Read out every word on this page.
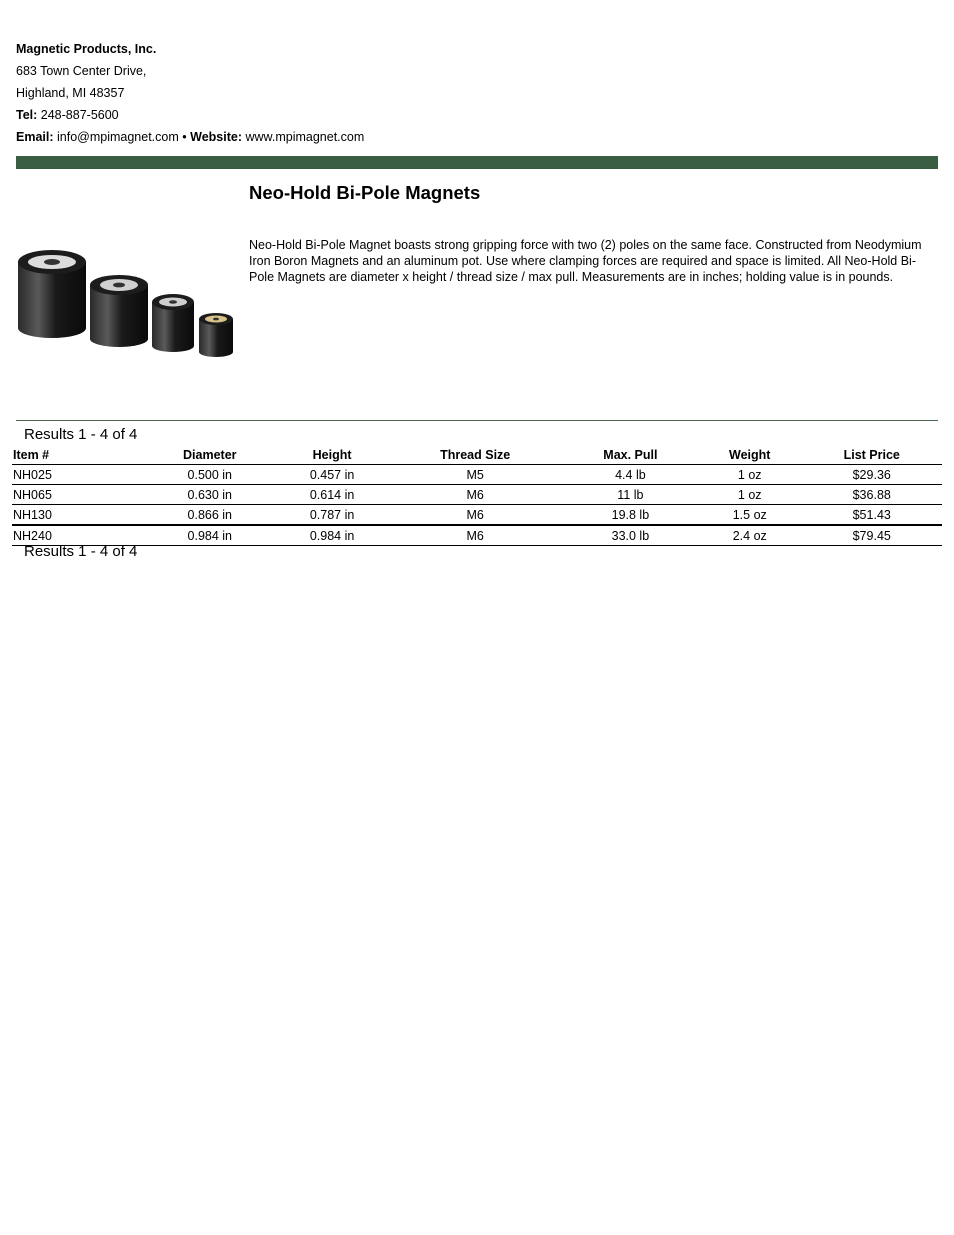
Magnetic Products, Inc.
683 Town Center Drive,
Highland, MI 48357
Tel: 248-887-5600
Email: info@mpimagnet.com • Website: www.mpimagnet.com
Neo-Hold Bi-Pole Magnets
Neo-Hold Bi-Pole Magnet boasts strong gripping force with two (2) poles on the same face. Constructed from Neodymium Iron Boron Magnets and an aluminum pot. Use where clamping forces are required and space is limited. All Neo-Hold Bi-Pole Magnets are diameter x height / thread size / max pull. Measurements are in inches; holding value is in pounds.
Results 1 - 4 of 4
Item #	Diameter	Height	Thread Size	Max. Pull	Weight	List Price
NH025	0.500 in	0.457 in	M5	4.4 lb	1 oz	$29.36
NH065	0.630 in	0.614 in	M6	11 lb	1 oz	$36.88
NH130	0.866 in	0.787 in	M6	19.8 lb	1.5 oz	$51.43
NH240	0.984 in	0.984 in	M6	33.0 lb	2.4 oz	$79.45
Results 1 - 4 of 4
